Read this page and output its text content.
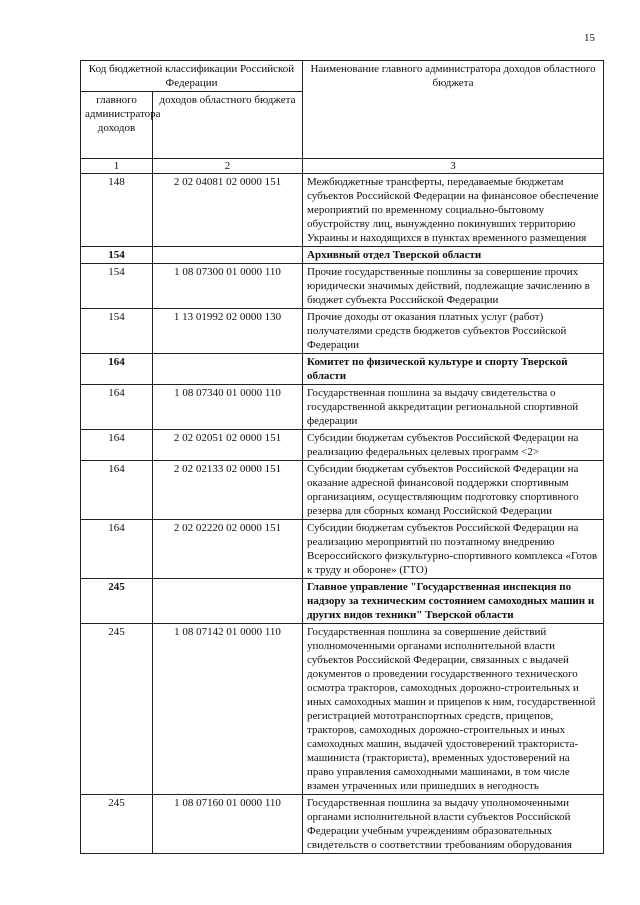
15
Код бюджетной классификации Российской Федерации		Наименование главного администратора доходов областного бюджета
главного администратора доходов	доходов областного бюджета	
1	2	3
148	2 02 04081 02 0000 151	Межбюджетные трансферты, передаваемые бюджетам субъектов Российской Федерации на финансовое обеспечение мероприятий по временному социально-бытовому обустройству лиц, вынужденно покинувших территорию Украины и находящихся в пунктах временного размещения
154		Архивный отдел Тверской области
154	1 08 07300 01 0000 110	Прочие государственные пошлины за совершение прочих юридически значимых действий, подлежащие зачислению в бюджет субъекта Российской Федерации
154	1 13 01992 02 0000 130	Прочие доходы от оказания платных услуг (работ) получателями средств бюджетов субъектов Российской Федерации
164		Комитет по физической культуре и спорту Тверской области
164	1 08 07340 01 0000 110	Государственная пошлина за выдачу свидетельства о государственной аккредитации региональной спортивной федерации
164	2 02 02051 02 0000 151	Субсидии бюджетам субъектов Российской Федерации на реализацию федеральных целевых программ <2>
164	2 02 02133 02 0000 151	Субсидии бюджетам субъектов Российской Федерации на оказание адресной финансовой поддержки спортивным организациям, осуществляющим подготовку спортивного резерва для сборных команд Российской Федерации
164	2 02 02220 02 0000 151	Субсидии бюджетам субъектов Российской Федерации на реализацию мероприятий по поэтапному внедрению Всероссийского физкультурно-спортивного комплекса «Готов к труду и обороне» (ГТО)
245		Главное управление "Государственная инспекция по надзору за техническим состоянием самоходных машин и других видов техники" Тверской области
245	1 08 07142 01 0000 110	Государственная пошлина за совершение действий уполномоченными органами исполнительной власти субъектов Российской Федерации, связанных с выдачей документов о проведении государственного технического осмотра тракторов, самоходных дорожно-строительных и иных самоходных машин и прицепов к ним, государственной регистрацией мототранспортных средств, прицепов, тракторов, самоходных дорожно-строительных и иных самоходных машин, выдачей удостоверений тракториста-машиниста (тракториста), временных удостоверений на право управления самоходными машинами, в том числе взамен утраченных или пришедших в негодность
245	1 08 07160 01 0000 110	Государственная пошлина за выдачу уполномоченными органами исполнительной власти субъектов Российской Федерации учебным учреждениям образовательных свидетельств о соответствии требованиям оборудования
